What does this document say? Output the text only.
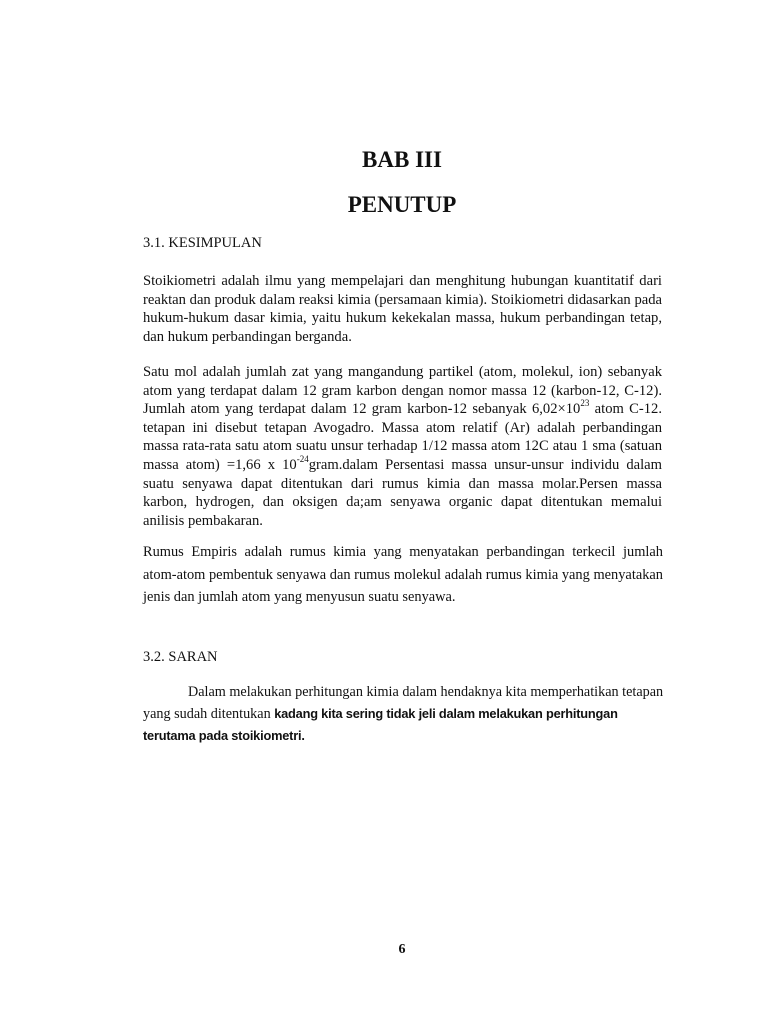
BAB III
PENUTUP
3.1. KESIMPULAN
Stoikiometri adalah ilmu yang mempelajari dan menghitung hubungan kuantitatif dari reaktan dan produk dalam reaksi kimia (persamaan kimia). Stoikiometri didasarkan pada hukum-hukum dasar kimia, yaitu hukum kekekalan massa, hukum perbandingan tetap, dan hukum perbandingan berganda.
Satu mol adalah jumlah zat yang mangandung partikel (atom, molekul, ion) sebanyak atom yang terdapat dalam 12 gram karbon dengan nomor massa 12 (karbon-12, C-12). Jumlah atom yang terdapat dalam 12 gram karbon-12 sebanyak $6,02\times 10^{23}$ atom C-12. tetapan ini disebut tetapan Avogadro. Massa atom relatif (Ar) adalah perbandingan massa rata-rata satu atom suatu unsur terhadap 1/12 massa atom 12C atau 1 sma (satuan massa atom) =1,66 x $10^{-24}gram.dalam$ Persentasi massa unsur-unsur individu dalam suatu senyawa dapat ditentukan dari rumus kimia dan massa molar.Persen massa karbon, hydrogen, dan oksigen da;am senyawa organic dapat ditentukan memalui anilisis pembakaran.
Rumus Empiris adalah rumus kimia yang menyatakan perbandingan terkecil jumlah atom-atom pembentuk senyawa dan rumus molekul adalah rumus kimia yang menyatakan jenis dan jumlah atom yang menyusun suatu senyawa.
3.2. SARAN
Dalam melakukan perhitungan kimia dalam hendaknya kita memperhatikan tetapan yang sudah ditentukan kadang kita sering tidak jeli dalam melakukan perhitungan terutama pada stoikiometri.
6
